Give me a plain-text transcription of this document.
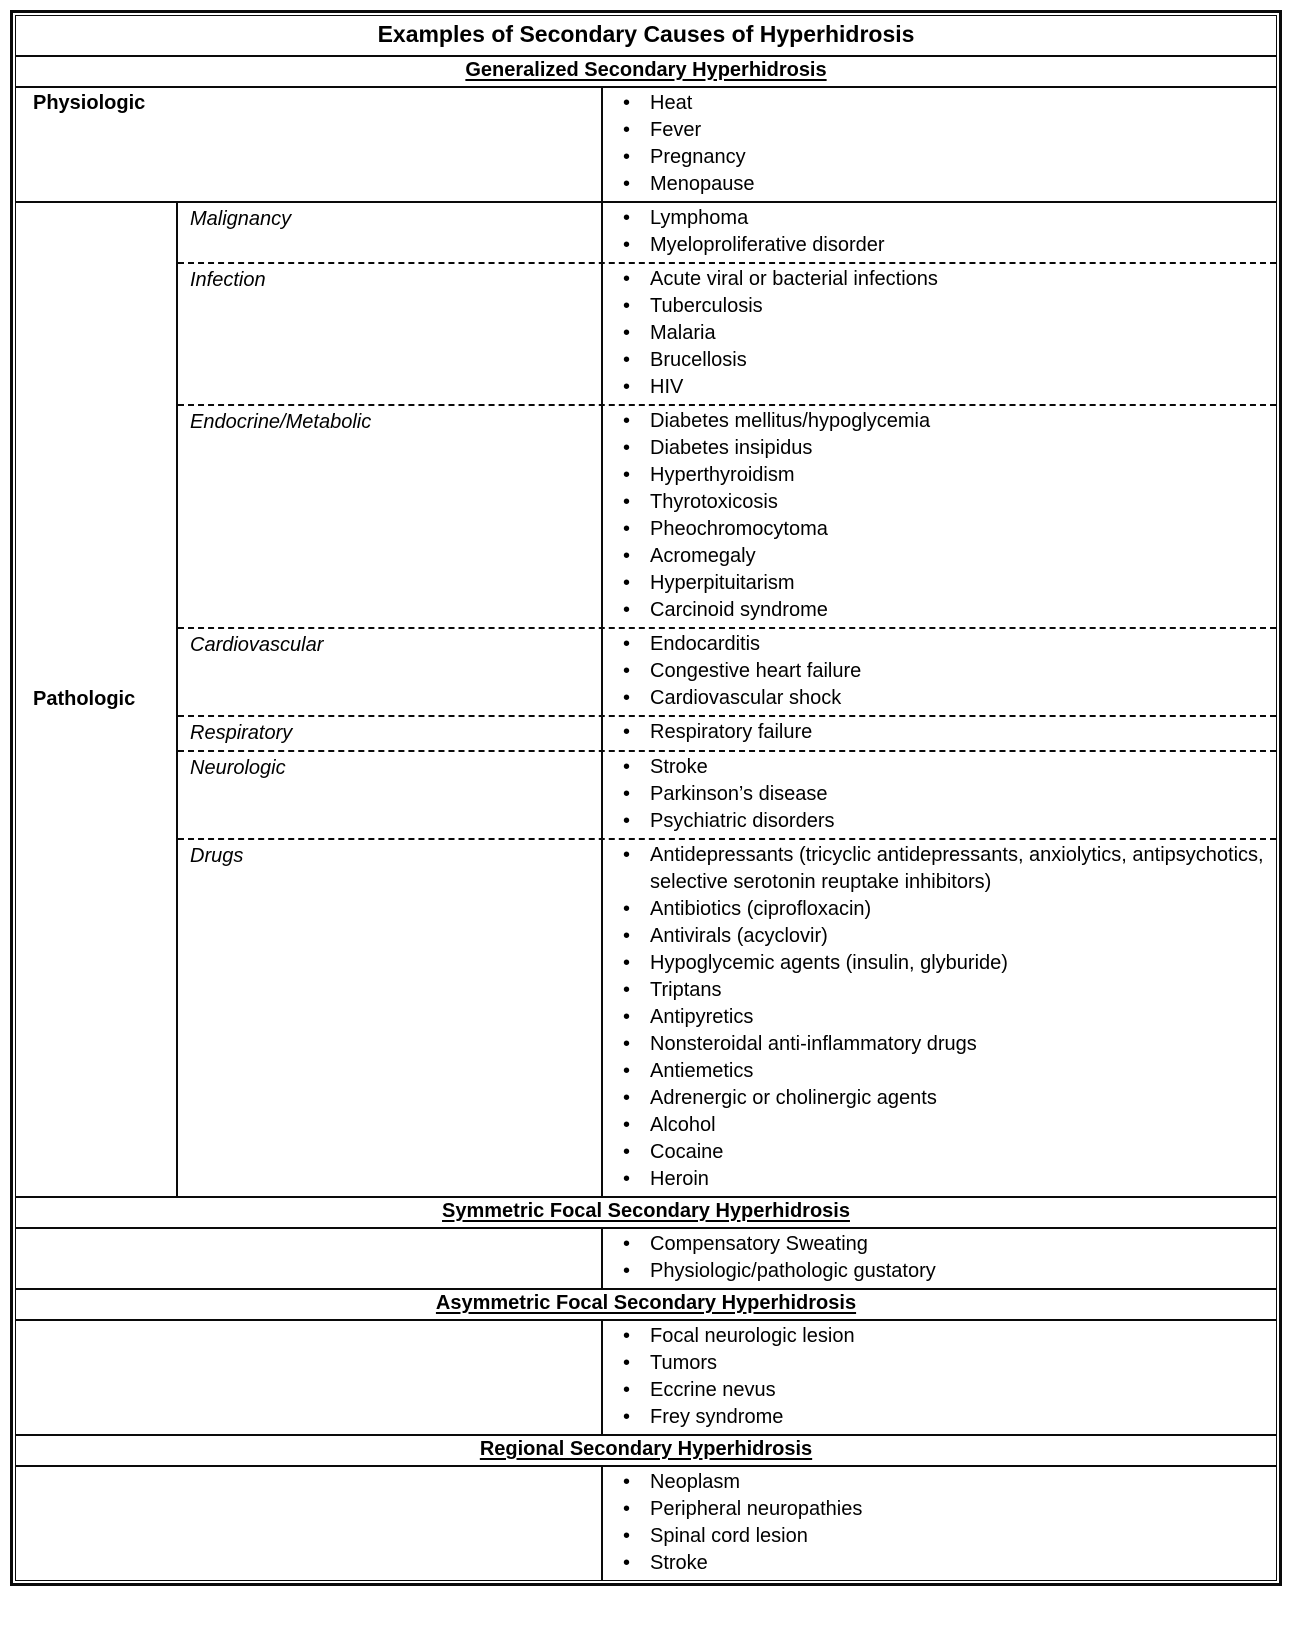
Examples of Secondary Causes of Hyperhidrosis
Generalized Secondary Hyperhidrosis
Physiologic	• Heat
• Fever
• Pregnancy
• Menopause
Pathologic
Malignancy	• Lymphoma
• Myeloproliferative disorder
Infection	• Acute viral or bacterial infections
• Tuberculosis
• Malaria
• Brucellosis
• HIV
Endocrine/Metabolic	• Diabetes mellitus/hypoglycemia
• Diabetes insipidus
• Hyperthyroidism
• Thyrotoxicosis
• Pheochromocytoma
• Acromegaly
• Hyperpituitarism
• Carcinoid syndrome
Cardiovascular	• Endocarditis
• Congestive heart failure
• Cardiovascular shock
Respiratory	• Respiratory failure
Neurologic	• Stroke
• Parkinson’s disease
• Psychiatric disorders
Drugs	• Antidepressants (tricyclic antidepressants, anxiolytics, antipsychotics, selective serotonin reuptake inhibitors)
• Antibiotics (ciprofloxacin)
• Antivirals (acyclovir)
• Hypoglycemic agents (insulin, glyburide)
• Triptans
• Antipyretics
• Nonsteroidal anti-inflammatory drugs
• Antiemetics
• Adrenergic or cholinergic agents
• Alcohol
• Cocaine
• Heroin
Symmetric Focal Secondary Hyperhidrosis
• Compensatory Sweating
• Physiologic/pathologic gustatory
Asymmetric Focal Secondary Hyperhidrosis
• Focal neurologic lesion
• Tumors
• Eccrine nevus
• Frey syndrome
Regional Secondary Hyperhidrosis
• Neoplasm
• Peripheral neuropathies
• Spinal cord lesion
• Stroke
